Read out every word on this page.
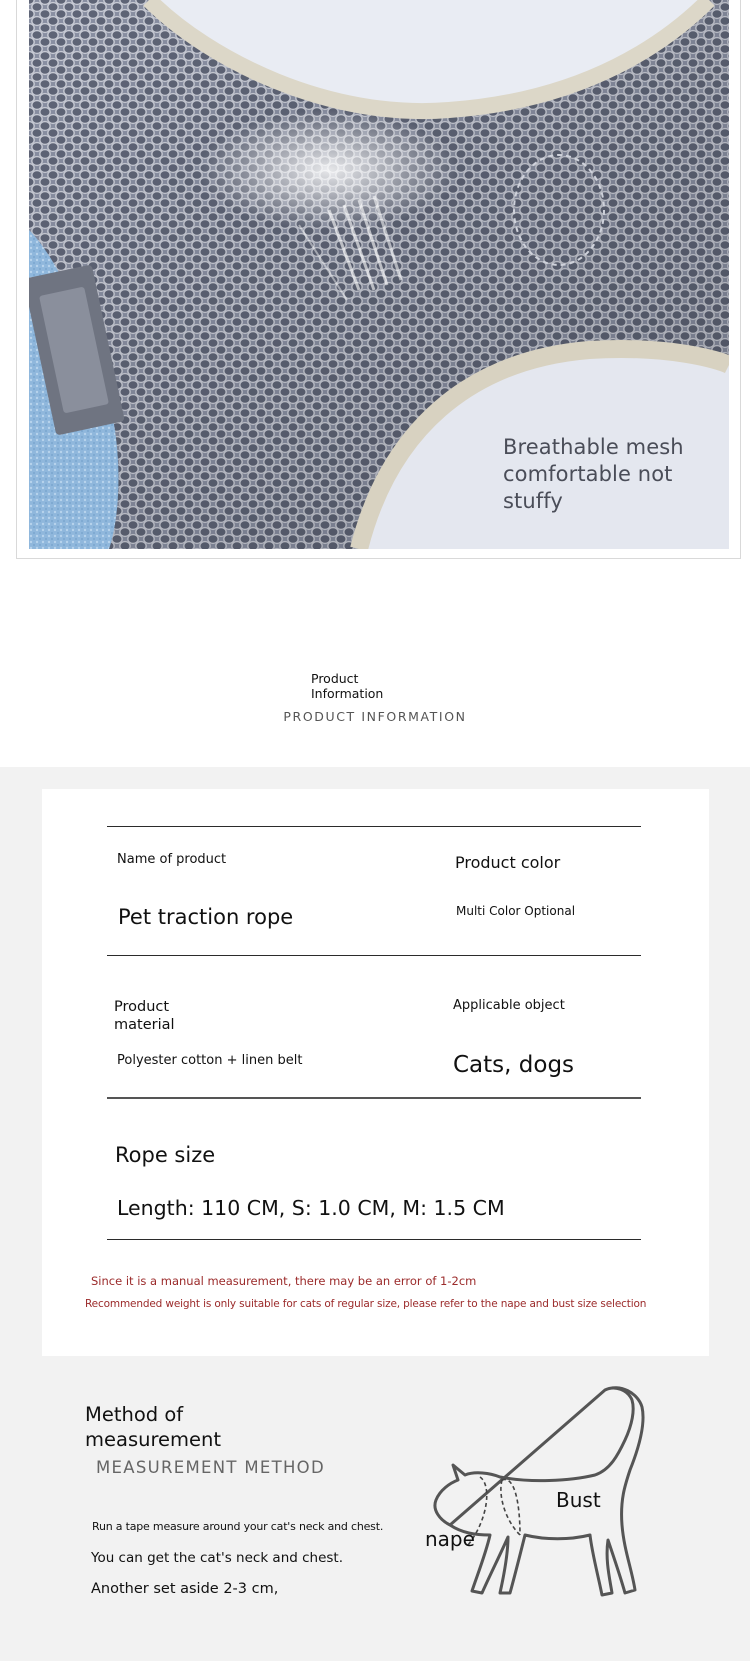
Breathable mesh comfortable not stuffy
Product Information
PRODUCT INFORMATION
Name of product
Pet traction rope
Product color
Multi Color Optional
Product material
Applicable object
Polyester cotton + linen belt	Cats, dogs
Rope size
Length: 110 CM, S: 1.0 CM, M: 1.5 CM
Since it is a manual measurement, there may be an error of 1-2cm
Recommended weight is only suitable for cats of regular size, please refer to the nape and bust size selection
Method of measurement
MEASUREMENT METHOD
Run a tape measure around your cat's neck and chest.
You can get the cat's neck and chest.
Another set aside 2-3 cm,
Bust
nape
